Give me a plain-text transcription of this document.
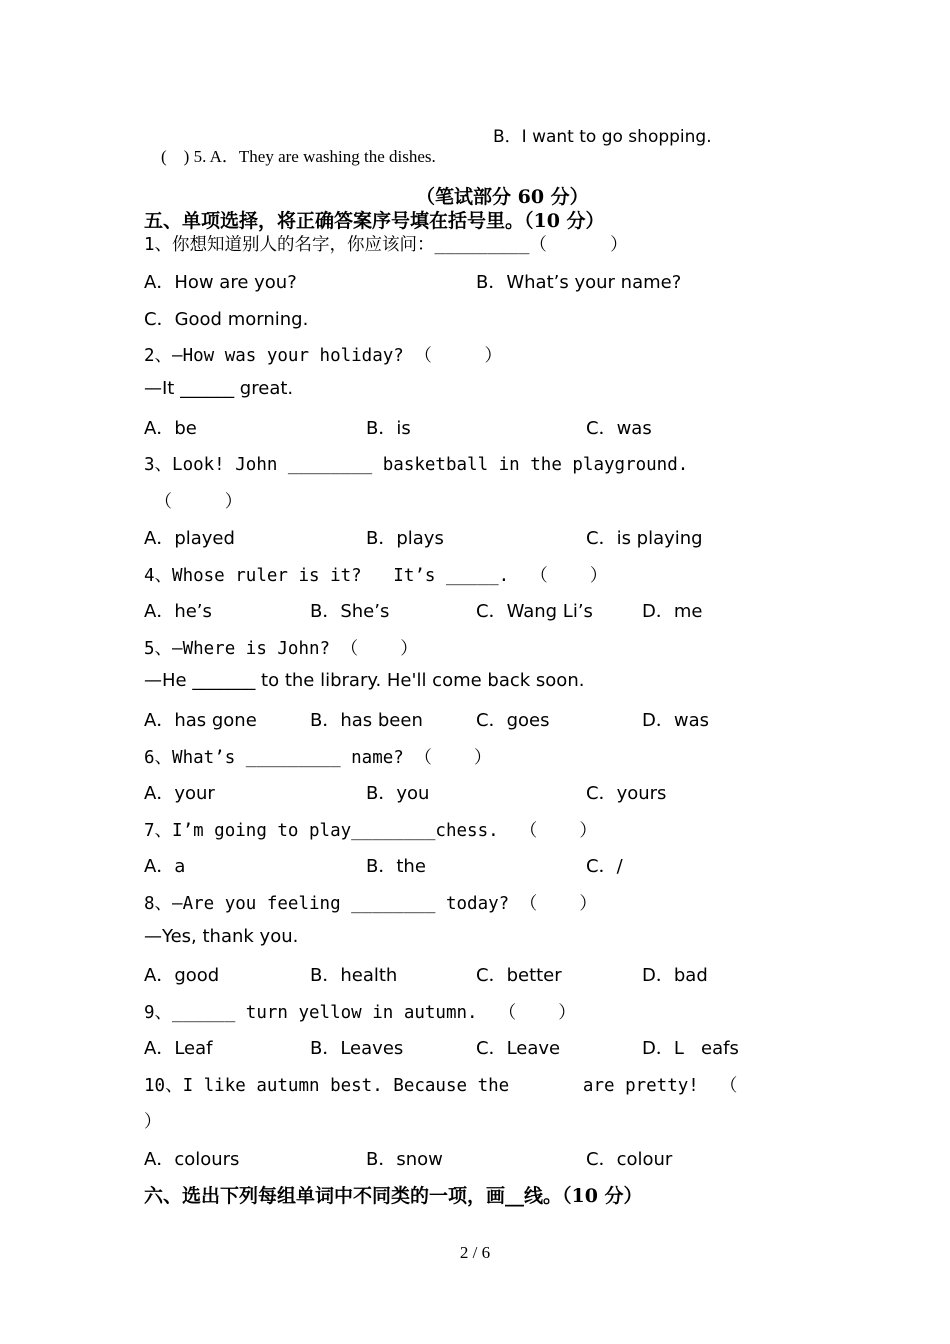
(    ) 5. A．They are washing the dishes.

B．I want to go shopping.
（笔试部分 60 分）
五、单项选择，将正确答案序号填在括号里。（10 分）
1、你想知道别人的名字，你应该问：_________（      ）
A．How are you?	B．What’s your name?
C．Good morning.
2、—How was your holiday? （     ）
—It ______ great.
A．be	B．is	C．was
3、Look! John ________ basketball in the playground.
（     ）
A．played	B．plays	C．is playing
4、Whose ruler is it?   It’s _____.  （    ）
A．he’s	B．She’s	C．Wang Li’s	D．me
5、—Where is John? （    ）
—He _______ to the library. He'll come back soon.
A．has gone	B．has been	C．goes	D．was
6、What’s _________ name? （    ）
A．your	B．you	C．yours
7、I’m going to play________chess.  （    ）
A．a	B．the	C．/
8、—Are you feeling ________ today? （    ）
—Yes, thank you.
A．good	B．health	C．better	D．bad
9、______ turn yellow in autumn.  （    ）
A．Leaf	B．Leaves	C．Leave	D．L   eafs
10、I like autumn best. Because the       are pretty!  （
）
A．colours	B．snow	C．colour
六、选出下列每组单词中不同类的一项，画__线。（10 分）
2 / 6
